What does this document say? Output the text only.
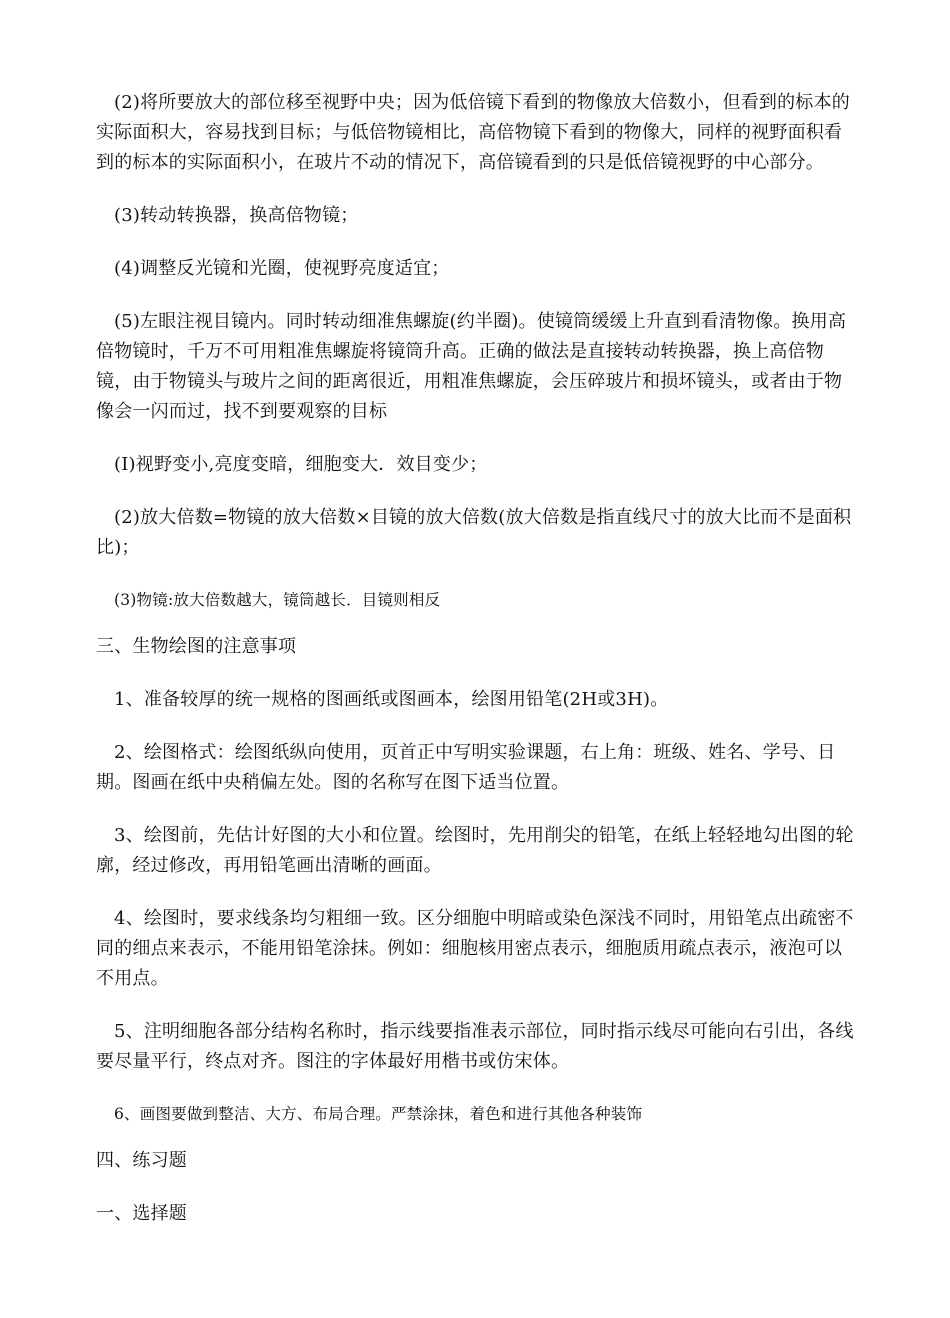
(2)将所要放大的部位移至视野中央；因为低倍镜下看到的物像放大倍数小，但看到的标本的实际面积大，容易找到目标；与低倍物镜相比，高倍物镜下看到的物像大，同样的视野面积看到的标本的实际面积小，在玻片不动的情况下，高倍镜看到的只是低倍镜视野的中心部分。

(3)转动转换器，换高倍物镜；

(4)调整反光镜和光圈，使视野亮度适宜；

(5)左眼注视目镜内。同时转动细准焦螺旋(约半圈)。使镜筒缓缓上升直到看清物像。换用高倍物镜时，千万不可用粗准焦螺旋将镜筒升高。正确的做法是直接转动转换器，换上高倍物镜，由于物镜头与玻片之间的距离很近，用粗准焦螺旋，会压碎玻片和损坏镜头，或者由于物像会一闪而过，找不到要观察的目标

(I)视野变小,亮度变暗，细胞变大．效目变少；

(2)放大倍数=物镜的放大倍数×目镜的放大倍数(放大倍数是指直线尺寸的放大比而不是面积比)；

(3)物镜:放大倍数越大，镜筒越长．目镜则相反

三、生物绘图的注意事项

1、准备较厚的统一规格的图画纸或图画本，绘图用铅笔(2H或3H)。

2、绘图格式：绘图纸纵向使用，页首正中写明实验课题，右上角：班级、姓名、学号、日期。图画在纸中央稍偏左处。图的名称写在图下适当位置。

3、绘图前，先估计好图的大小和位置。绘图时，先用削尖的铅笔，在纸上轻轻地勾出图的轮廓，经过修改，再用铅笔画出清晰的画面。

4、绘图时，要求线条均匀粗细一致。区分细胞中明暗或染色深浅不同时，用铅笔点出疏密不同的细点来表示，不能用铅笔涂抹。例如：细胞核用密点表示，细胞质用疏点表示，液泡可以不用点。

5、注明细胞各部分结构名称时，指示线要指准表示部位，同时指示线尽可能向右引出，各线要尽量平行，终点对齐。图注的字体最好用楷书或仿宋体。

6、画图要做到整洁、大方、布局合理。严禁涂抹，着色和进行其他各种装饰

四、练习题

一、选择题
